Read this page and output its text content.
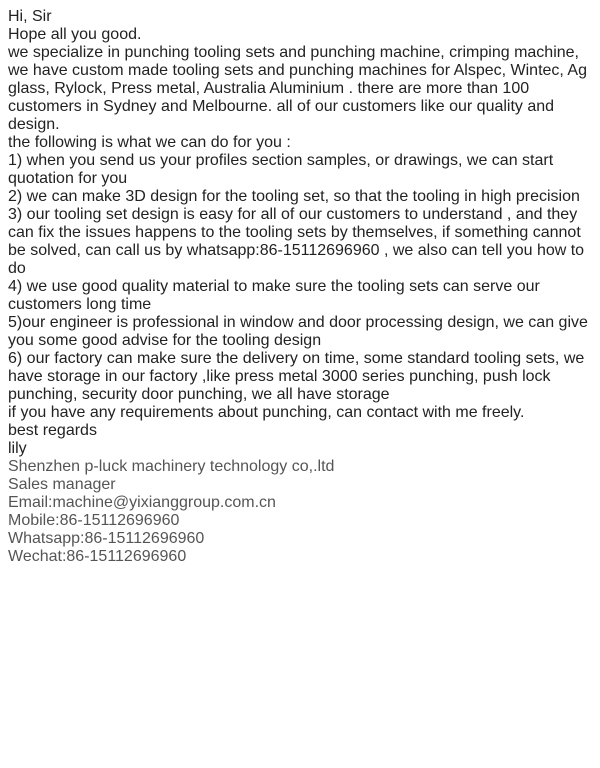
Hi, Sir

Hope all you good.

we specialize in punching tooling sets and punching machine, crimping machine, we have custom made tooling sets and punching machines for Alspec, Wintec, Ag glass, Rylock, Press metal, Australia Aluminium . there are more than 100 customers in Sydney and Melbourne. all of our customers like our quality and design.

the following is what we can do for you :

1) when you send us your profiles section samples, or drawings, we can start quotation for you

2) we can make 3D design for the tooling set, so that the tooling in high precision

3) our tooling set design is easy for all of our customers to understand , and they can fix the issues happens to the tooling sets by themselves, if something cannot be solved, can call us by whatsapp:86-15112696960 , we also can tell you how to do

4) we use good quality material to make sure the tooling sets can serve our customers long time

5)our engineer is professional in window and door processing design, we can give you some good advise for the tooling design

6) our factory can make sure the delivery on time, some standard tooling sets, we have storage in our factory ,like press metal 3000 series punching, push lock punching, security door punching, we all have storage

if you have any requirements about punching, can contact with me freely.

best regards

lily

Shenzhen p-luck machinery technology co,.ltd

Sales manager

Email:machine@yixianggroup.com.cn

Mobile:86-15112696960

Whatsapp:86-15112696960

Wechat:86-15112696960
